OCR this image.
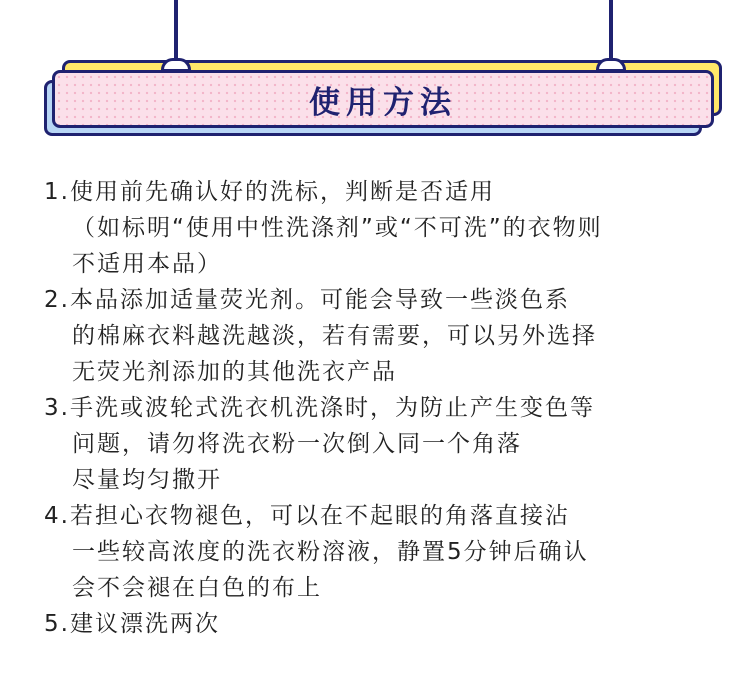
使用方法
1.使用前先确认好的洗标，判断是否适用
（如标明“使用中性洗涤剂”或“不可洗”的衣物则
不适用本品）
2.本品添加适量荧光剂。可能会导致一些淡色系
的棉麻衣料越洗越淡，若有需要，可以另外选择
无荧光剂添加的其他洗衣产品
3.手洗或波轮式洗衣机洗涤时，为防止产生变色等
问题，请勿将洗衣粉一次倒入同一个角落
尽量均匀撒开
4.若担心衣物褪色，可以在不起眼的角落直接沾
一些较高浓度的洗衣粉溶液，静置5分钟后确认
会不会褪在白色的布上
5.建议漂洗两次
